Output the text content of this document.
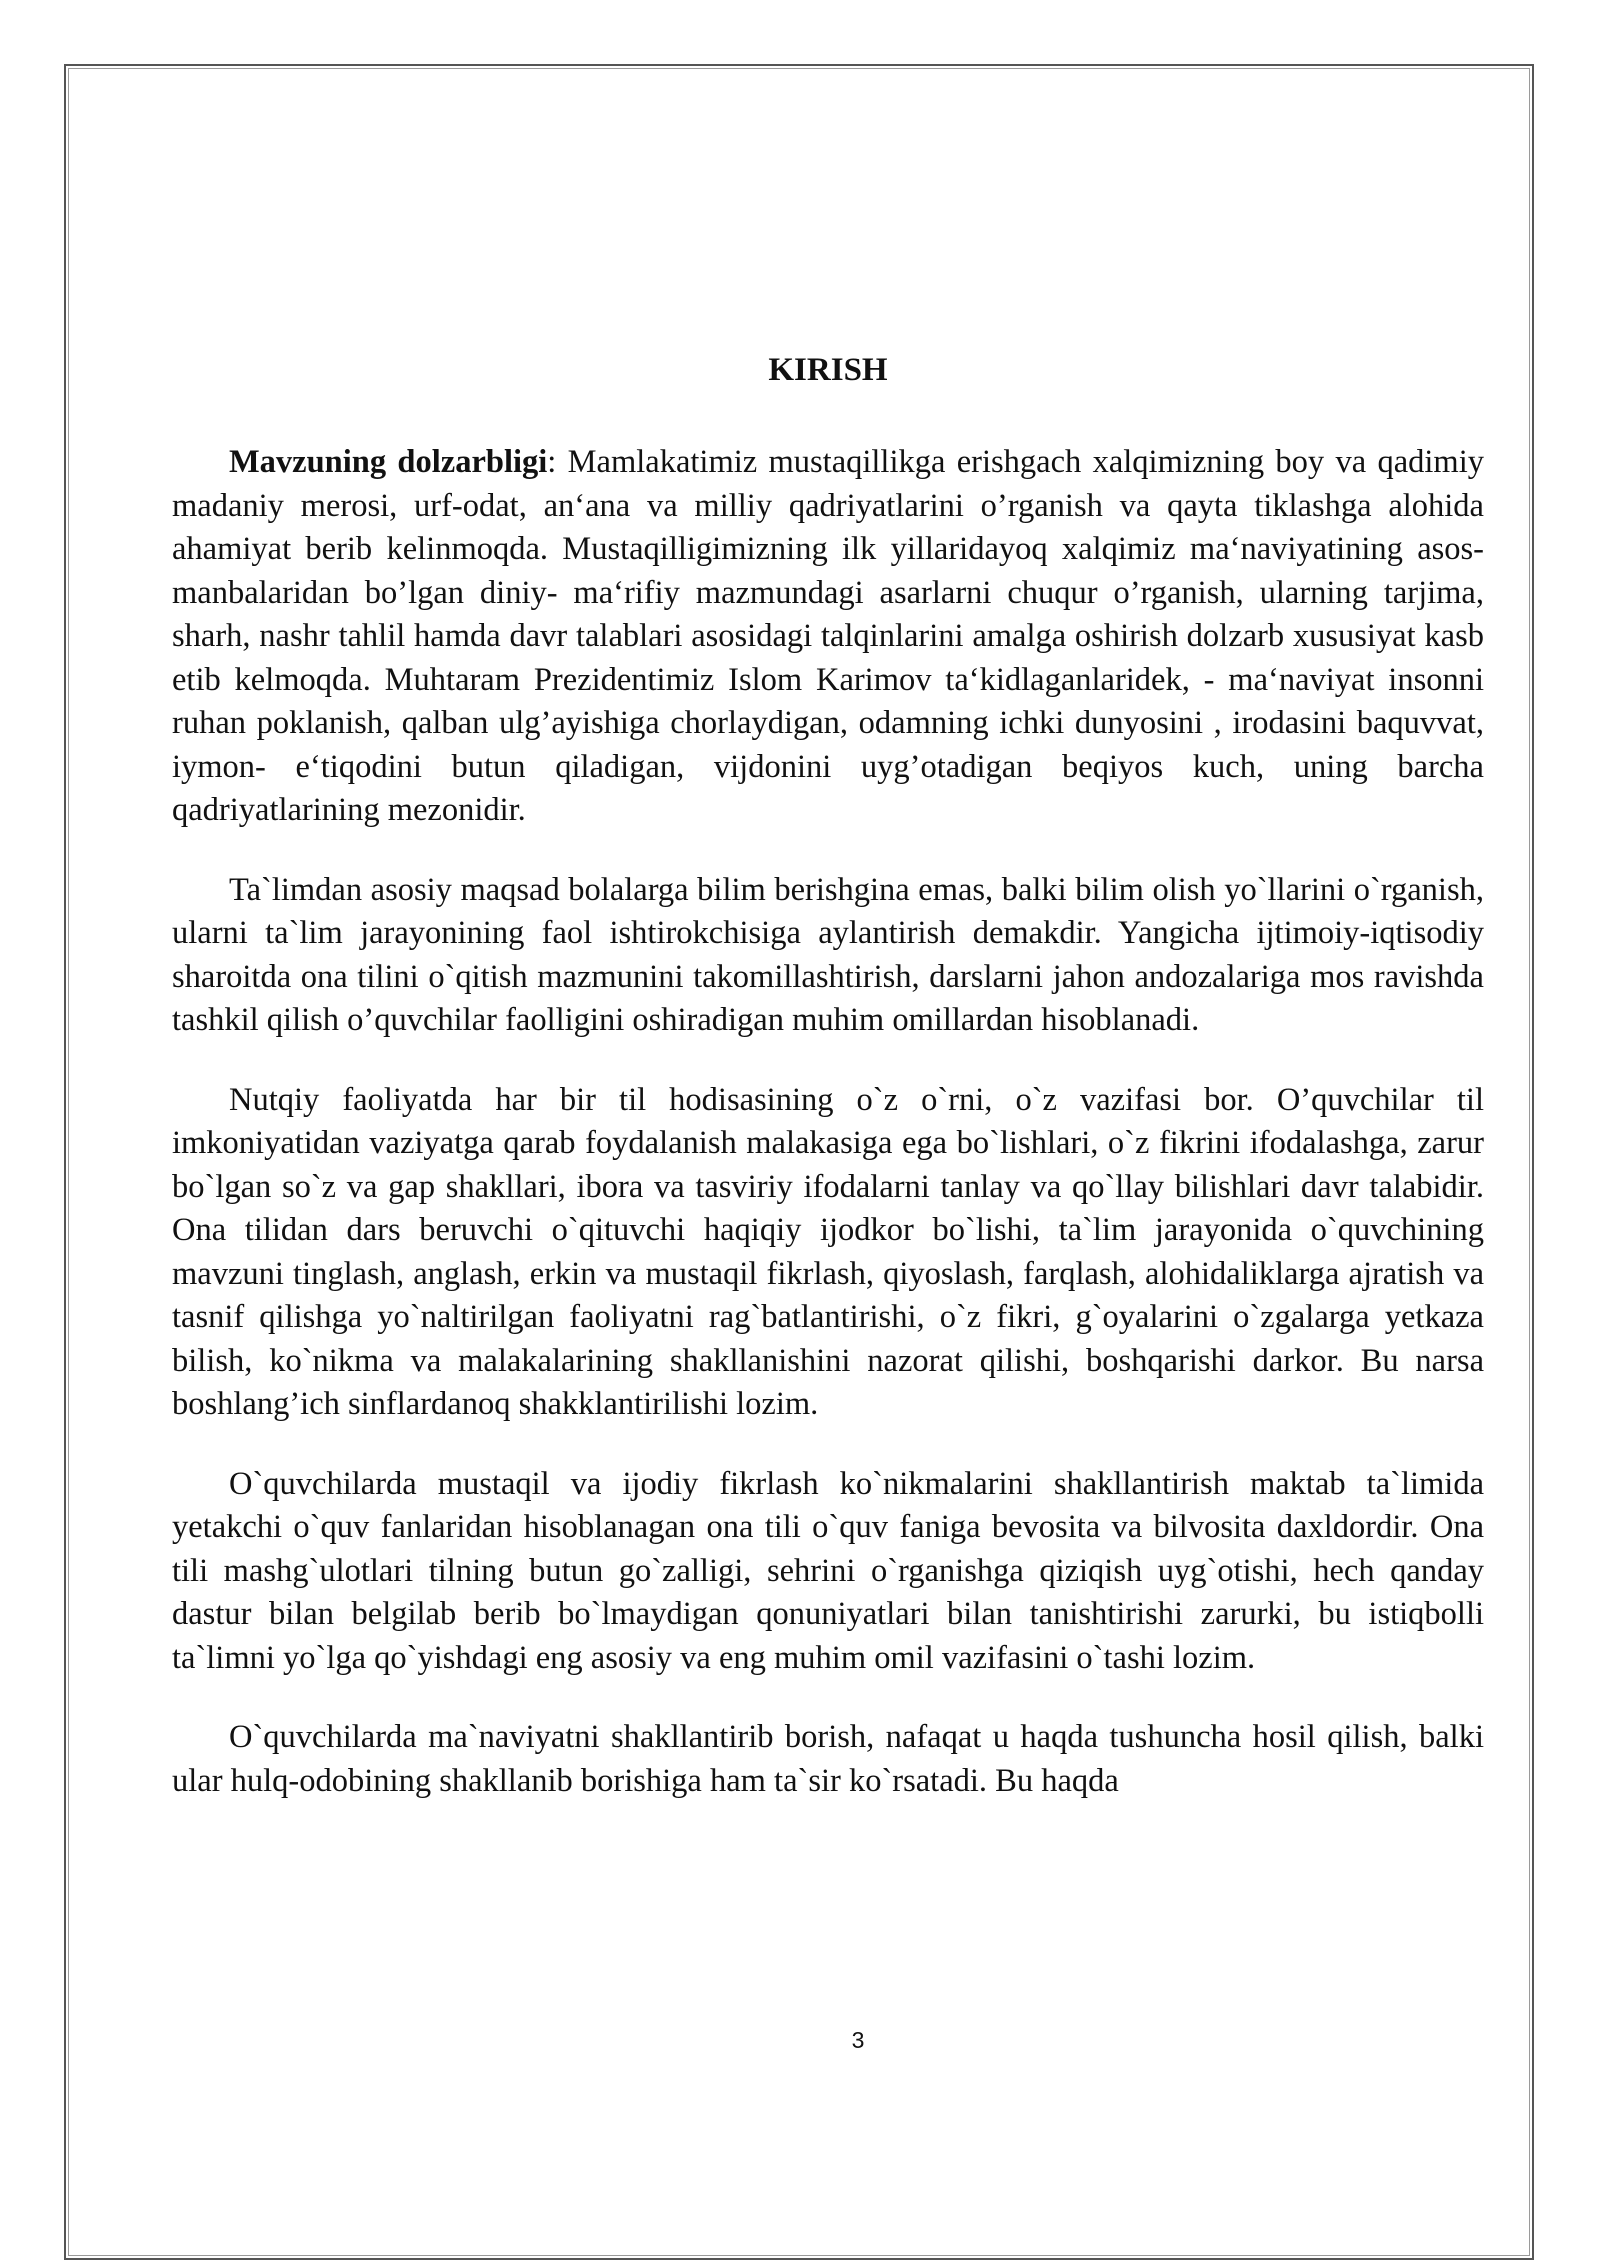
KIRISH

Mavzuning dolzarbligi: Mamlakatimiz mustaqillikga erishgach xalqimizning boy va qadimiy madaniy merosi, urf-odat, an‘ana va milliy qadriyatlarini o’rganish va qayta tiklashga alohida ahamiyat berib kelinmoqda. Mustaqilligimizning ilk yillaridayoq xalqimiz ma‘naviyatining asos-manbalaridan bo’lgan diniy- ma‘rifiy mazmundagi asarlarni chuqur o’rganish, ularning tarjima, sharh, nashr tahlil hamda davr talablari asosidagi talqinlarini amalga oshirish dolzarb xususiyat kasb etib kelmoqda. Muhtaram Prezidentimiz Islom Karimov ta‘kidlaganlaridek, - ma‘naviyat insonni ruhan poklanish, qalban ulg’ayishiga chorlaydigan, odamning ichki dunyosini , irodasini baquvvat, iymon- e‘tiqodini butun qiladigan, vijdonini uyg’otadigan beqiyos kuch, uning barcha qadriyatlarining mezonidir.

Ta`limdan asosiy maqsad bolalarga bilim berishgina emas, balki bilim olish yo`llarini o`rganish, ularni ta`lim jarayonining faol ishtirokchisiga aylantirish demakdir. Yangicha ijtimoiy-iqtisodiy sharoitda ona tilini o`qitish mazmunini takomillashtirish, darslarni jahon andozalariga mos ravishda tashkil qilish o’quvchilar faolligini oshiradigan muhim omillardan hisoblanadi.

Nutqiy faoliyatda har bir til hodisasining o`z o`rni, o`z vazifasi bor. O’quvchilar til imkoniyatidan vaziyatga qarab foydalanish malakasiga ega bo`lishlari, o`z fikrini ifodalashga, zarur bo`lgan so`z va gap shakllari, ibora va tasviriy ifodalarni tanlay va qo`llay bilishlari davr talabidir. Ona tilidan dars beruvchi o`qituvchi haqiqiy ijodkor bo`lishi, ta`lim jarayonida o`quvchining mavzuni tinglash, anglash, erkin va mustaqil fikrlash, qiyoslash, farqlash, alohidaliklarga ajratish va tasnif qilishga yo`naltirilgan faoliyatni rag`batlantirishi, o`z fikri, g`oyalarini o`zgalarga yetkaza bilish, ko`nikma va malakalarining shakllanishini nazorat qilishi, boshqarishi darkor. Bu narsa boshlang’ich sinflardanoq shakklantirilishi lozim.

O`quvchilarda mustaqil va ijodiy fikrlash ko`nikmalarini shakllantirish maktab ta`limida yetakchi o`quv fanlaridan hisoblanagan ona tili o`quv faniga bevosita va bilvosita daxldordir. Ona tili mashg`ulotlari tilning butun go`zalligi, sehrini o`rganishga qiziqish uyg`otishi, hech qanday dastur bilan belgilab berib bo`lmaydigan qonuniyatlari bilan tanishtirishi zarurki, bu istiqbolli ta`limni yo`lga qo`yishdagi eng asosiy va eng muhim omil vazifasini o`tashi lozim.

O`quvchilarda ma`naviyatni shakllantirib borish, nafaqat u haqda tushuncha hosil qilish, balki ular hulq-odobining shakllanib borishiga ham ta`sir ko`rsatadi. Bu haqda

3
